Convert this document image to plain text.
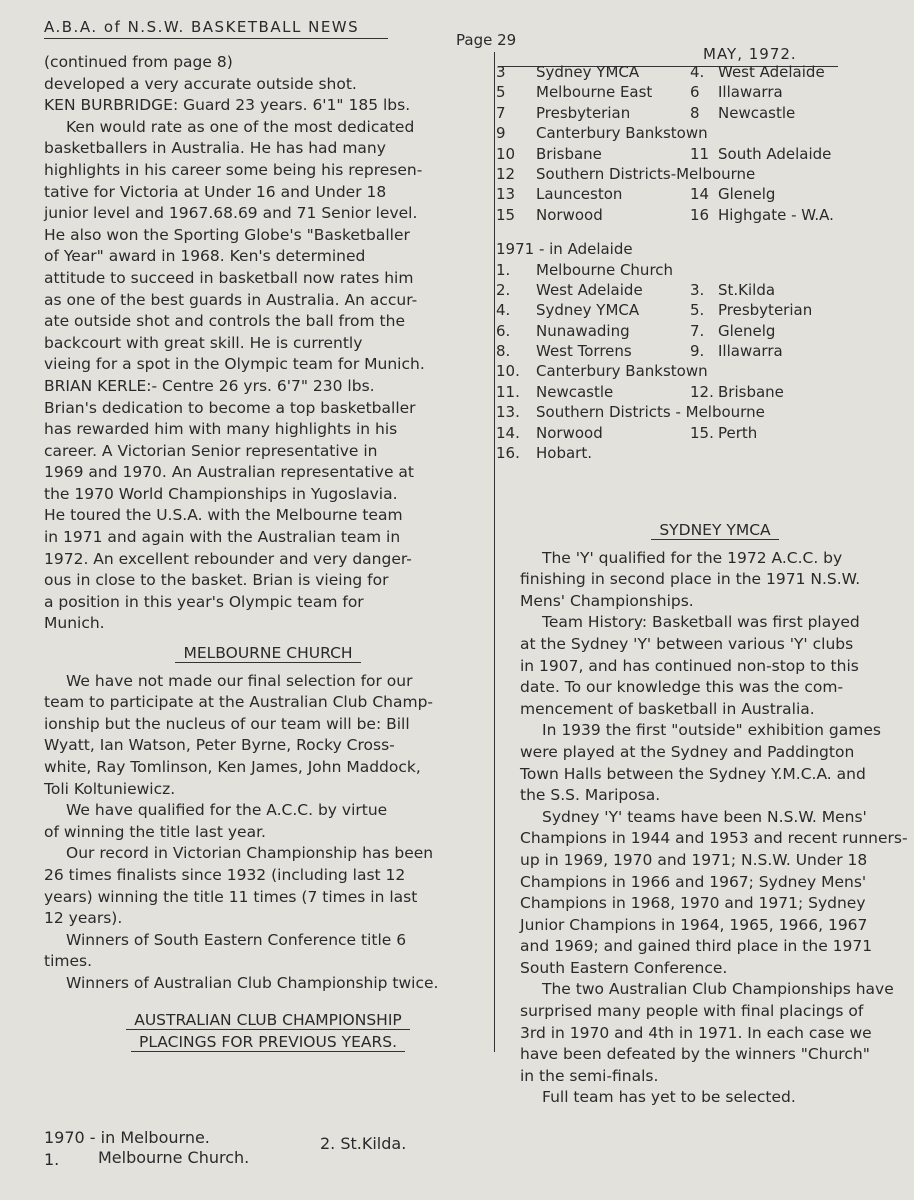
A.B.A. of N.S.W. BASKETBALL NEWS
Page 29
MAY, 1972.

(continued from page 8)

developed a very accurate outside shot.

KEN BURBRIDGE: Guard 23 years. 6'1" 185 lbs.

Ken would rate as one of the most dedicated

basketballers in Australia. He has had many

highlights in his career some being his represen-

tative for Victoria at Under 16 and Under 18

junior level and 1967.68.69 and 71 Senior level.

He also won the Sporting Globe's "Basketballer

of Year" award in 1968. Ken's determined

attitude to succeed in basketball now rates him

as one of the best guards in Australia. An accur-

ate outside shot and controls the ball from the

backcourt with great skill. He is currently

vieing for a spot in the Olympic team for Munich.

BRIAN KERLE:- Centre 26 yrs. 6'7" 230 lbs.

Brian's dedication to become a top basketballer

has rewarded him with many highlights in his

career. A Victorian Senior representative in

1969 and 1970. An Australian representative at

the 1970 World Championships in Yugoslavia.

He toured the U.S.A. with the Melbourne team

in 1971 and again with the Australian team in

1972. An excellent rebounder and very danger-

ous in close to the basket. Brian is vieing for

a position in this year's Olympic team for

Munich.

MELBOURNE CHURCH

We have not made our final selection for our

team to participate at the Australian Club Champ-

ionship but the nucleus of our team will be: Bill

Wyatt, Ian Watson, Peter Byrne, Rocky Cross-

white, Ray Tomlinson, Ken James, John Maddock,

Toli Koltuniewicz.

We have qualified for the A.C.C. by virtue

of winning the title last year.

Our record in Victorian Championship has been

26 times finalists since 1932 (including last 12

years) winning the title 11 times (7 times in last

12 years).

Winners of South Eastern Conference title 6

times.

Winners of Australian Club Championship twice.

AUSTRALIAN CLUB CHAMPIONSHIP
PLACINGS FOR PREVIOUS YEARS.
1970 - in Melbourne.
1. Melbourne Church.
2. St.Kilda.
3	Sydney YMCA	4. West Adelaide
5	Melbourne East	6 Illawarra
7	Presbyterian	8 Newcastle
9	Canterbury Bankstown
10	Brisbane	11 South Adelaide
12	Southern Districts-Melbourne
13	Launceston	14 Glenelg
15	Norwood	16 Highgate - W.A.
1971 - in Adelaide
1.	Melbourne Church
2.	West Adelaide	3. St.Kilda
4.	Sydney YMCA	5. Presbyterian
6.	Nunawading	7. Glenelg
8.	West Torrens	9. Illawarra
10.	Canterbury Bankstown
11.	Newcastle	12. Brisbane
13.	Southern Districts - Melbourne
14.	Norwood	15. Perth
16.	Hobart.
SYDNEY YMCA

The 'Y' qualified for the 1972 A.C.C. by

finishing in second place in the 1971 N.S.W.

Mens' Championships.

Team History: Basketball was first played

at the Sydney 'Y' between various 'Y' clubs

in 1907, and has continued non-stop to this

date. To our knowledge this was the com-

mencement of basketball in Australia.

In 1939 the first "outside" exhibition games

were played at the Sydney and Paddington

Town Halls between the Sydney Y.M.C.A. and

the S.S. Mariposa.

Sydney 'Y' teams have been N.S.W. Mens'

Champions in 1944 and 1953 and recent runners-

up in 1969, 1970 and 1971; N.S.W. Under 18

Champions in 1966 and 1967; Sydney Mens'

Champions in 1968, 1970 and 1971; Sydney

Junior Champions in 1964, 1965, 1966, 1967

and 1969; and gained third place in the 1971

South Eastern Conference.

The two Australian Club Championships have

surprised many people with final placings of

3rd in 1970 and 4th in 1971. In each case we

have been defeated by the winners "Church"

in the semi-finals.

Full team has yet to be selected.
